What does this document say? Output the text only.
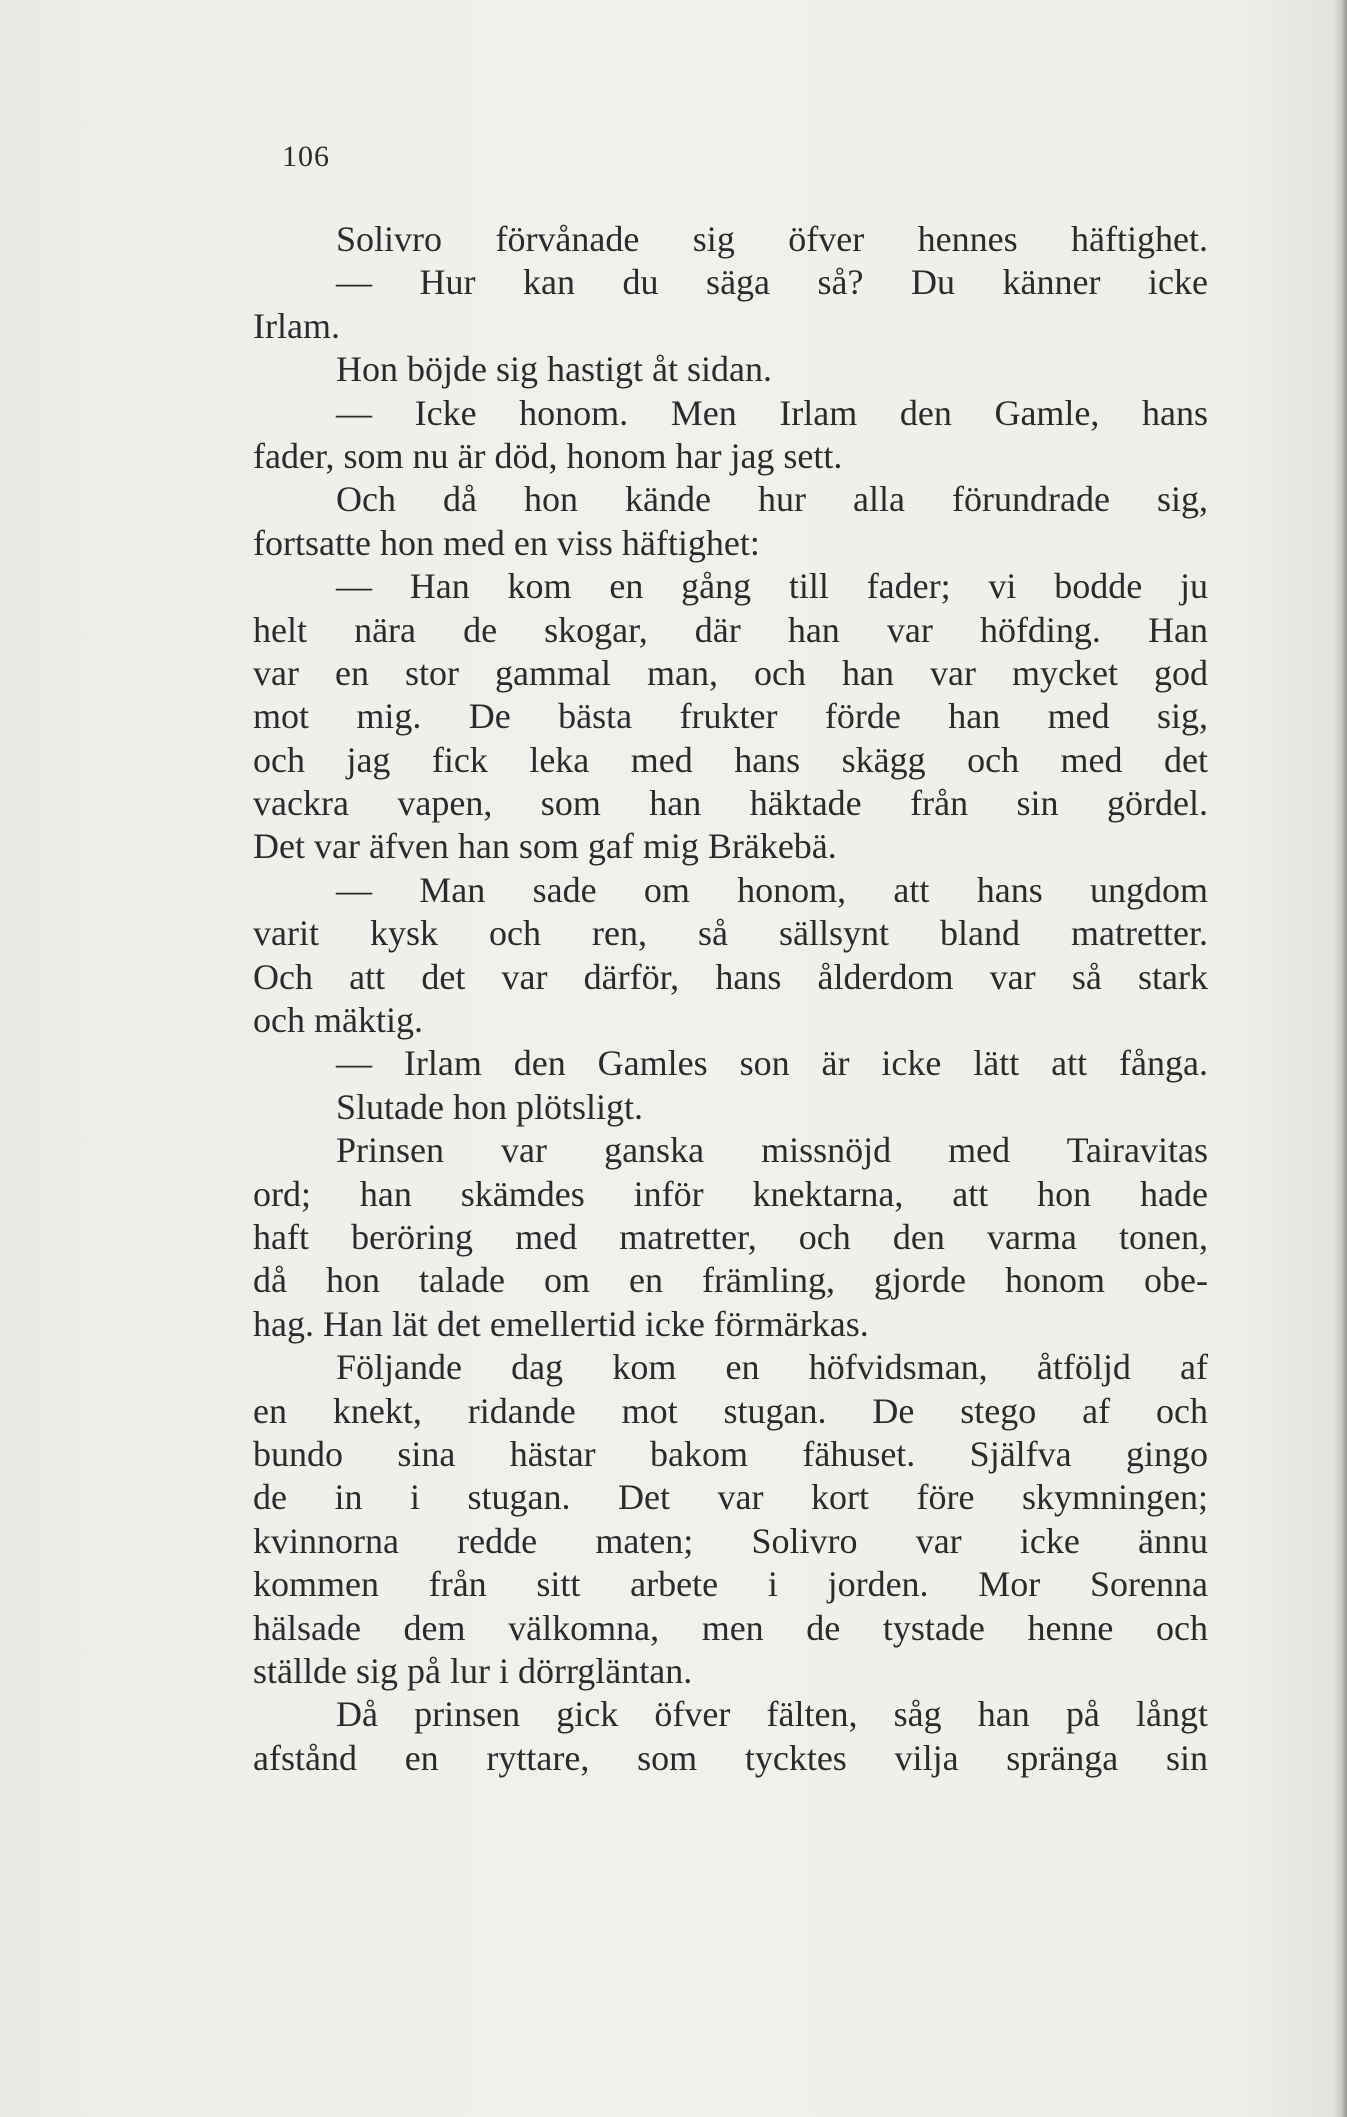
106
Solivro förvånade sig öfver hennes häftighet.
— Hur kan du säga så? Du känner icke
Irlam.
Hon böjde sig hastigt åt sidan.
— Icke honom. Men Irlam den Gamle, hans
fader, som nu är död, honom har jag sett.
Och då hon kände hur alla förundrade sig,
fortsatte hon med en viss häftighet:
— Han kom en gång till fader; vi bodde ju
helt nära de skogar, där han var höfding. Han
var en stor gammal man, och han var mycket god
mot mig. De bästa frukter förde han med sig,
och jag fick leka med hans skägg och med det
vackra vapen, som han häktade från sin gördel.
Det var äfven han som gaf mig Bräkebä.
— Man sade om honom, att hans ungdom
varit kysk och ren, så sällsynt bland matretter.
Och att det var därför, hans ålderdom var så stark
och mäktig.
— Irlam den Gamles son är icke lätt att fånga.
Slutade hon plötsligt.
Prinsen var ganska missnöjd med Tairavitas
ord; han skämdes inför knektarna, att hon hade
haft beröring med matretter, och den varma tonen,
då hon talade om en främling, gjorde honom obe-
hag. Han lät det emellertid icke förmärkas.
Följande dag kom en höfvidsman, åtföljd af
en knekt, ridande mot stugan. De stego af och
bundo sina hästar bakom fähuset. Själfva gingo
de in i stugan. Det var kort före skymningen;
kvinnorna redde maten; Solivro var icke ännu
kommen från sitt arbete i jorden. Mor Sorenna
hälsade dem välkomna, men de tystade henne och
ställde sig på lur i dörrgläntan.
Då prinsen gick öfver fälten, såg han på långt
afstånd en ryttare, som tycktes vilja spränga sin
